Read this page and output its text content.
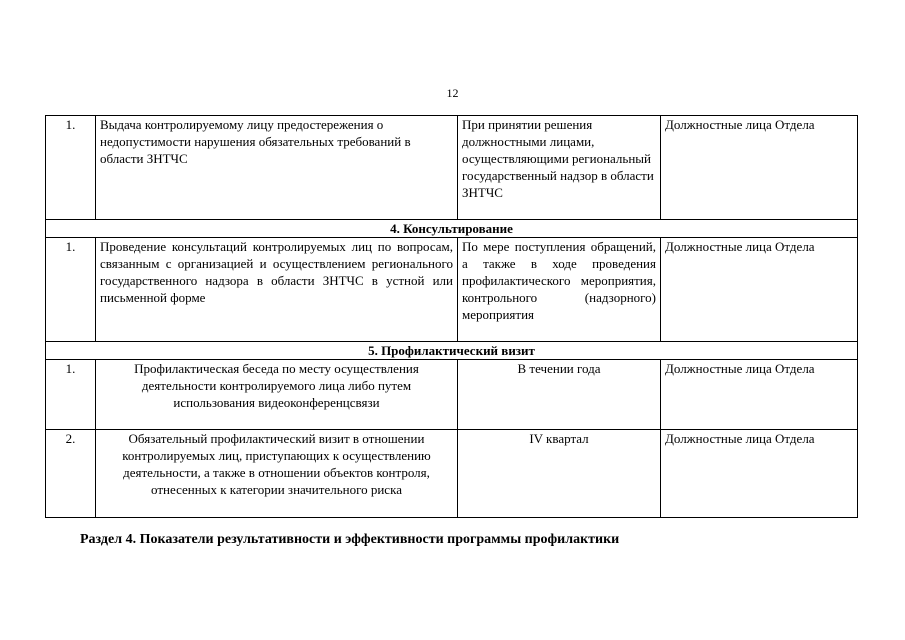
12
1.	Выдача контролируемому лицу предостережения о недопустимости нарушения обязательных требований в области ЗНТЧС	При принятии решения должностными лицами, осуществляющими региональный государственный надзор в области ЗНТЧС	Должностные лица Отдела
4. Консультирование			
1.	Проведение консультаций контролируемых лиц по вопросам, связанным с организацией и осуществлением регионального государственного надзора в области ЗНТЧС в устной или письменной форме	По мере поступления обращений, а также в ходе проведения профилактического мероприятия, контрольного (надзорного) мероприятия	Должностные лица Отдела
5. Профилактический визит			
1.	Профилактическая беседа по месту осуществления деятельности контролируемого лица либо путем использования видеоконференцсвязи	В течении года	Должностные лица Отдела
2.	Обязательный профилактический визит в отношении контролируемых лиц, приступающих к осуществлению деятельности, а также в отношении объектов контроля, отнесенных к категории значительного риска	IV квартал	Должностные лица Отдела
Раздел 4. Показатели результативности и эффективности программы профилактики
